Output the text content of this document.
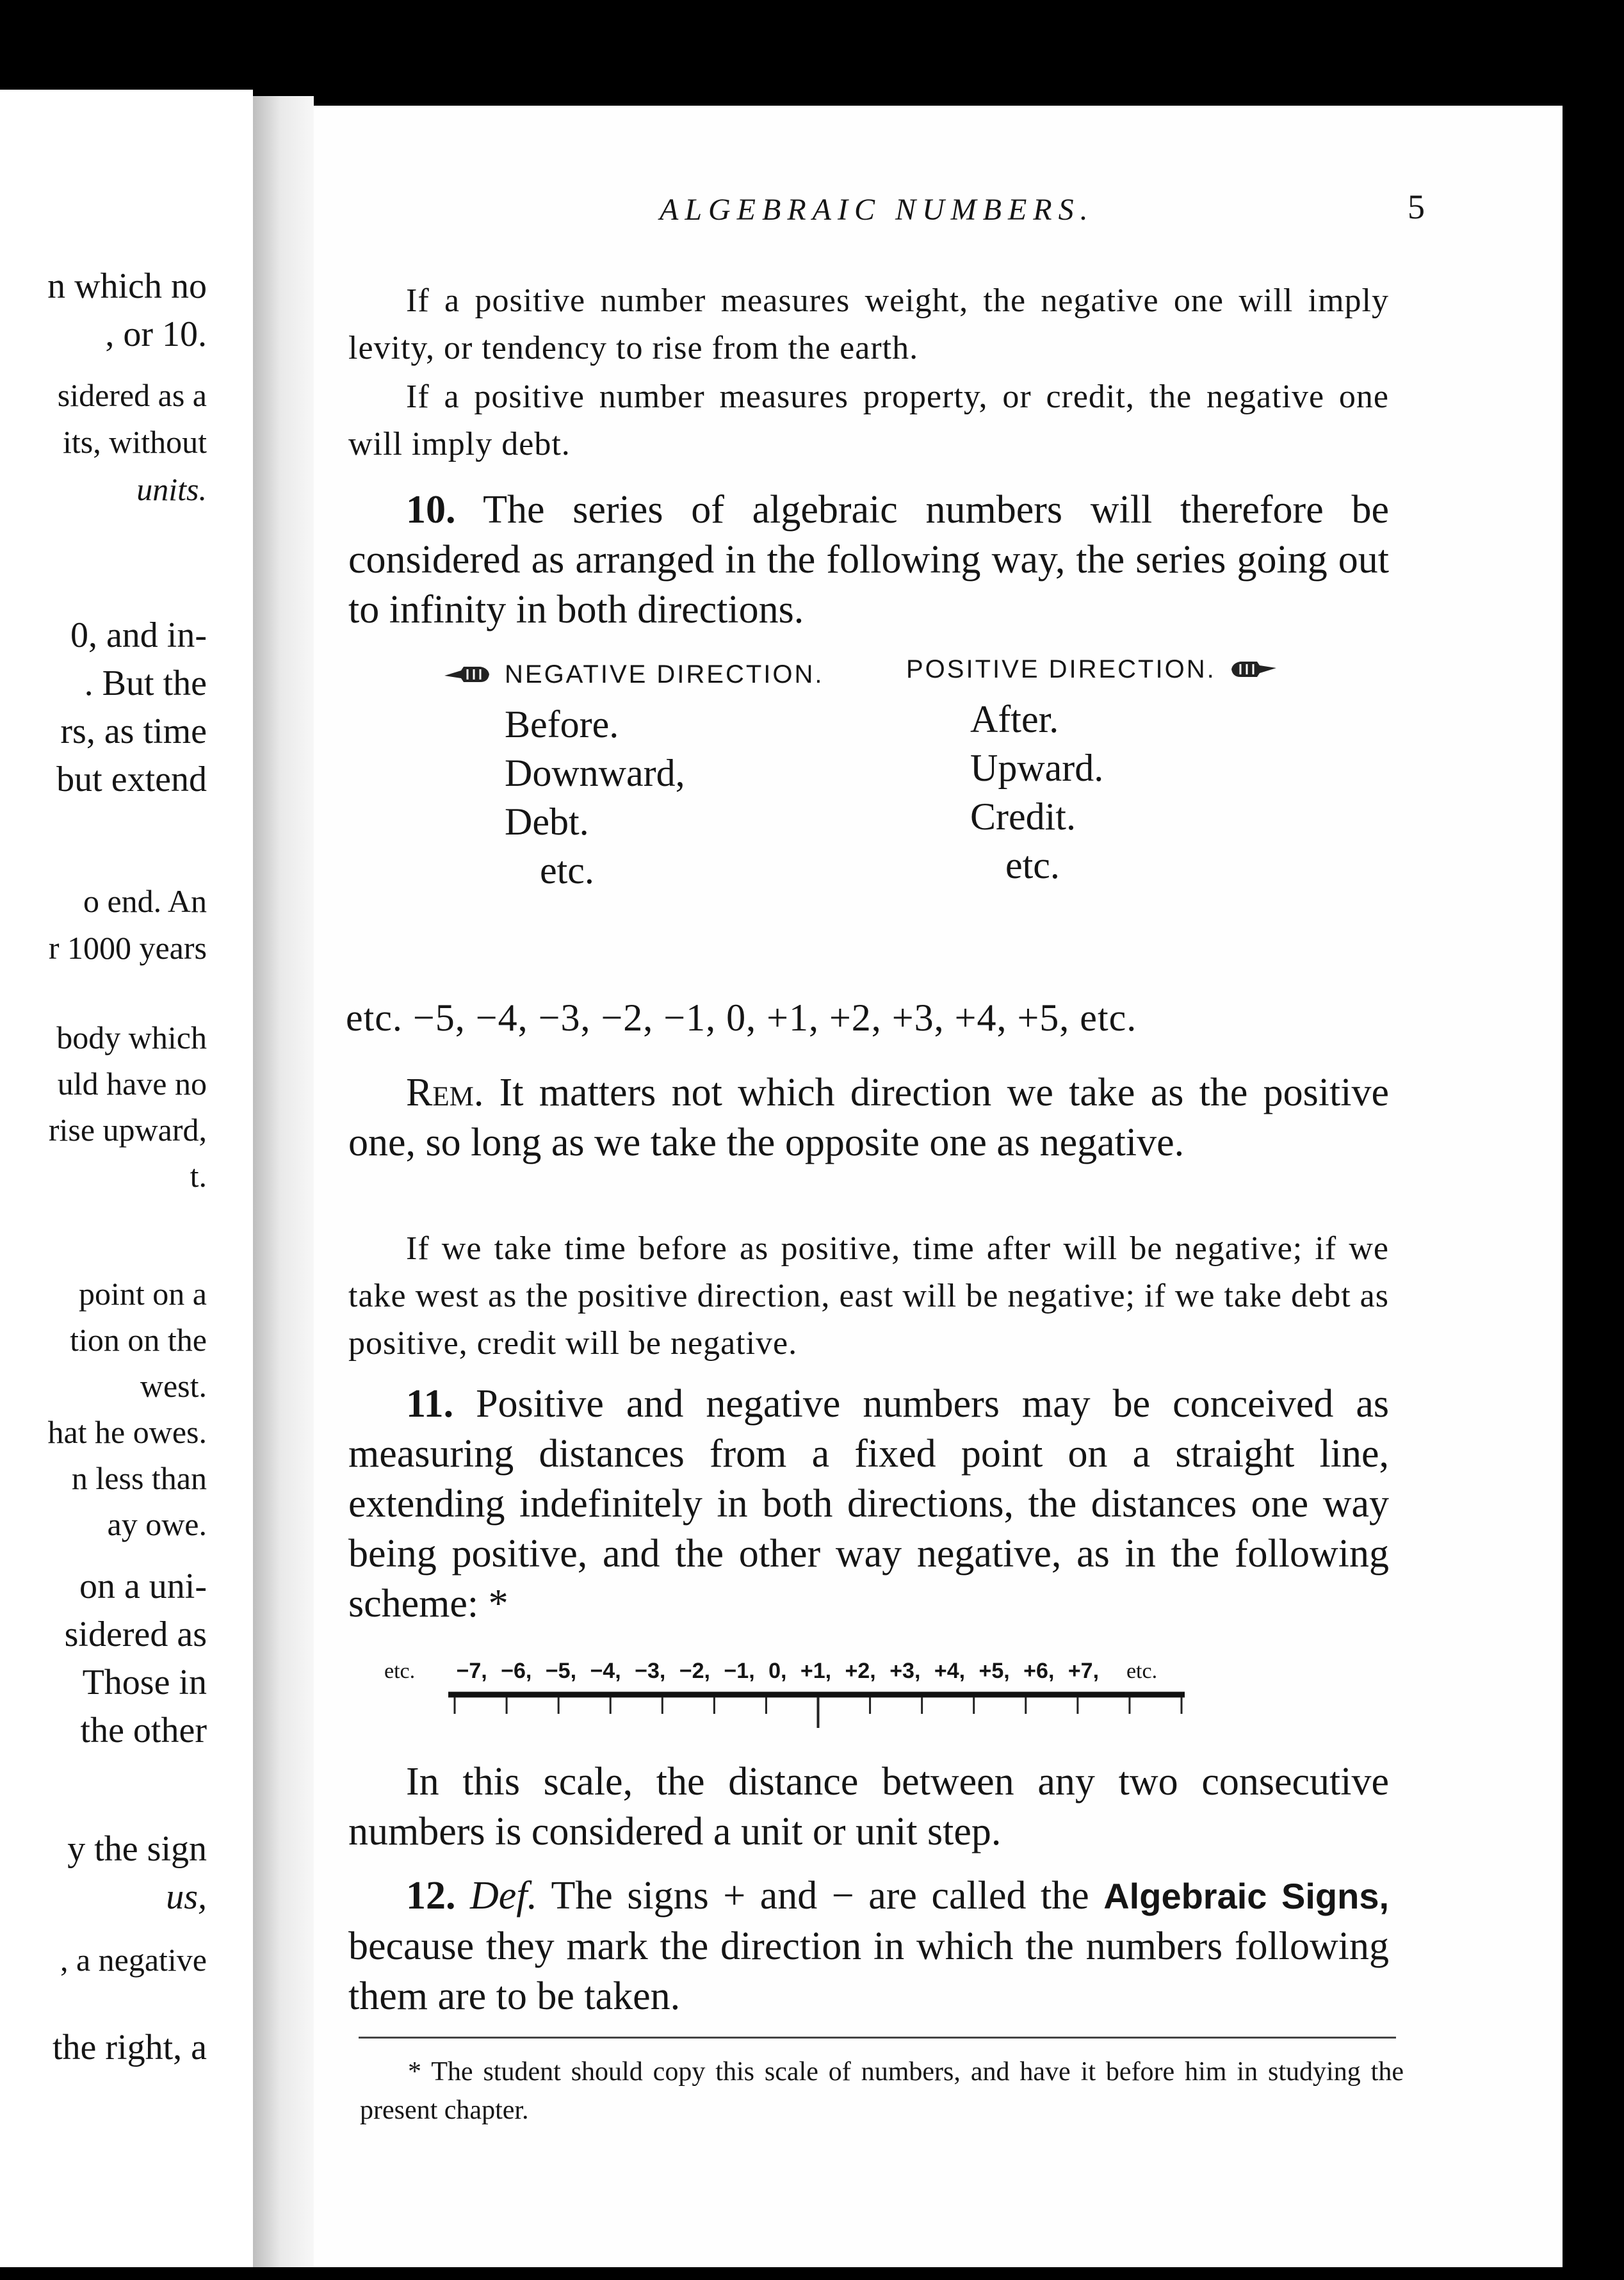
n which no
, or 10.
sidered as a
its, without
units.
0, and in-
. But the
rs, as time
but extend
o end. An
r 1000 years
body which
uld have no
rise upward,
t.
point on a
tion on the
west.
hat he owes.
n less than
ay owe.
on a uni-
sidered as
Those in
the other
y the sign
us,
, a negative
the right, a
ALGEBRAIC NUMBERS.	5

If a positive number measures weight, the negative one will imply levity, or tendency to rise from the earth.

If a positive number measures property, or credit, the negative one will imply debt.

10. The series of algebraic numbers will therefore be considered as arranged in the following way, the series going out to infinity in both directions.

NEGATIVE DIRECTION.
Before.
Downward,
Debt.
etc.
POSITIVE DIRECTION.
After.
Upward.
Credit.
etc.
etc. −5, −4, −3, −2, −1, 0, +1, +2, +3, +4, +5, etc.

Rem. It matters not which direction we take as the positive one, so long as we take the opposite one as negative.

If we take time before as positive, time after will be negative; if we take west as the positive direction, east will be negative; if we take debt as positive, credit will be negative.

11. Positive and negative numbers may be conceived as measuring distances from a fixed point on a straight line, extending indefinitely in both directions, the distances one way being positive, and the other way negative, as in the following scheme: *

etc. −7, −6, −5, −4, −3, −2, −1, 0, +1, +2, +3, +4, +5, +6, +7, etc.

In this scale, the distance between any two consecutive numbers is considered a unit or unit step.

12. Def. The signs + and − are called the Algebraic Signs, because they mark the direction in which the numbers following them are to be taken.

* The student should copy this scale of numbers, and have it before him in studying the present chapter.
